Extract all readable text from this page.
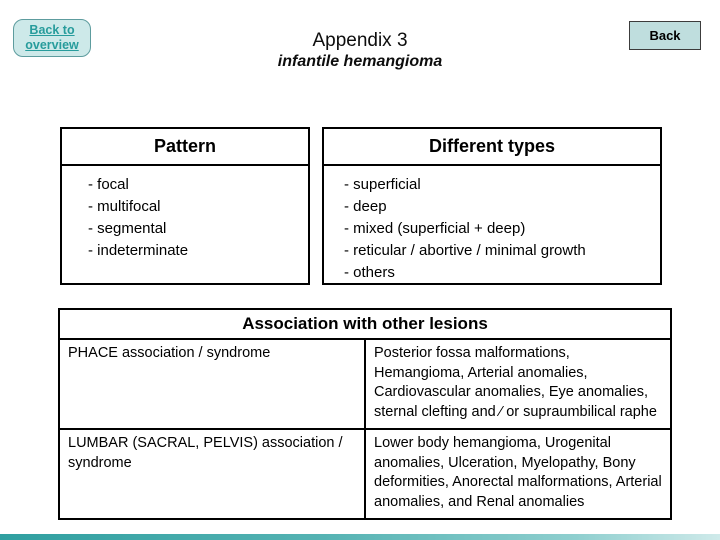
Back to
overview
Back
Appendix 3
infantile hemangioma
Pattern
- focal
- multifocal
- segmental
- indeterminate
Different types
- superficial
- deep
- mixed (superficial + deep)
- reticular / abortive / minimal growth
- others
Association with other lesions	
PHACE association / syndrome	Posterior fossa malformations, Hemangioma, Arterial anomalies, Cardiovascular anomalies, Eye anomalies, sternal clefting and ⁄ or supraumbilical raphe
LUMBAR (SACRAL, PELVIS) association / syndrome	Lower body hemangioma, Urogenital anomalies, Ulceration, Myelopathy, Bony deformities, Anorectal malformations, Arterial anomalies, and Renal anomalies
